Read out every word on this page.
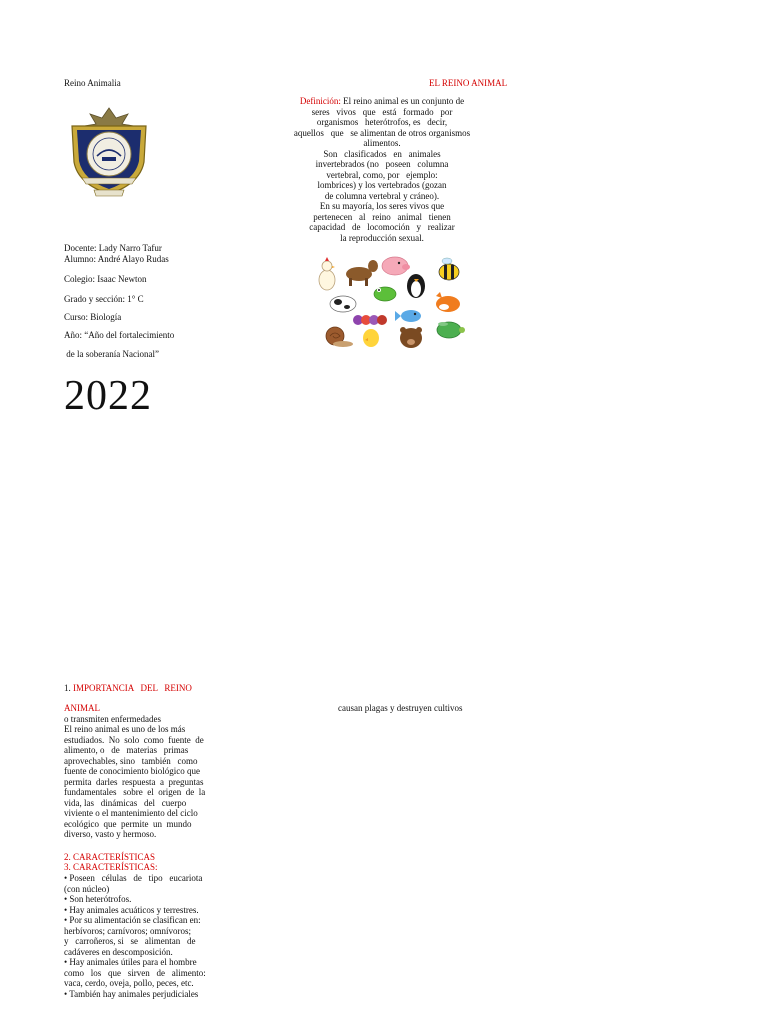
Reino Animalia

Docente: Lady Narro Tafur

Alumno: André Alayo Rudas

Colegio: Isaac Newton
Grado y sección: 1° C
Curso: Biología
Año: “Año del fortalecimiento
de la soberanía Nacional”
2022
EL REINO ANIMAL

Definición: El reino animal es un conjunto de

seres   vivos   que   está   formado   por

organismos   heterótrofos, es   decir,

aquellos   que   se alimentan de otros organismos

alimentos.

Son   clasificados   en   animales

invertebrados (no   poseen   columna

vertebral, como, por   ejemplo:

lombrices) y los vertebrados (gozan

de columna vertebral y cráneo).

En su mayoría, los seres vivos que

pertenecen   al   reino   animal   tienen

capacidad   de   locomoción   y   realizar

la reproducción sexual.

causan plagas y destruyen cultivos

1. IMPORTANCIA   DEL   REINO

ANIMAL
o transmiten enfermedades

El reino animal es uno de los más

estudiados.  No  solo  como  fuente  de

alimento, o   de   materias   primas

aprovechables, sino   también   como

fuente de conocimiento biológico que

permita  darles  respuesta  a  preguntas

fundamentales   sobre  el  origen  de  la

vida, las   dinámicas   del   cuerpo

viviente o el mantenimiento del ciclo

ecológico  que  permite  un  mundo

diverso, vasto y hermoso.

2. CARACTERÍSTICAS
3. CARACTERÍSTICAS:

• Poseen   células   de   tipo   eucariota

(con núcleo)

• Son heterótrofos.

• Hay animales acuáticos y terrestres.

• Por su alimentación se clasifican en:

herbívoros; carnívoros; omnívoros;

y   carroñeros, si   se   alimentan   de

cadáveres en descomposición.

• Hay animales útiles para el hombre

como   los   que   sirven   de   alimento:

vaca, cerdo, oveja, pollo, peces, etc.

• También hay animales perjudiciales
